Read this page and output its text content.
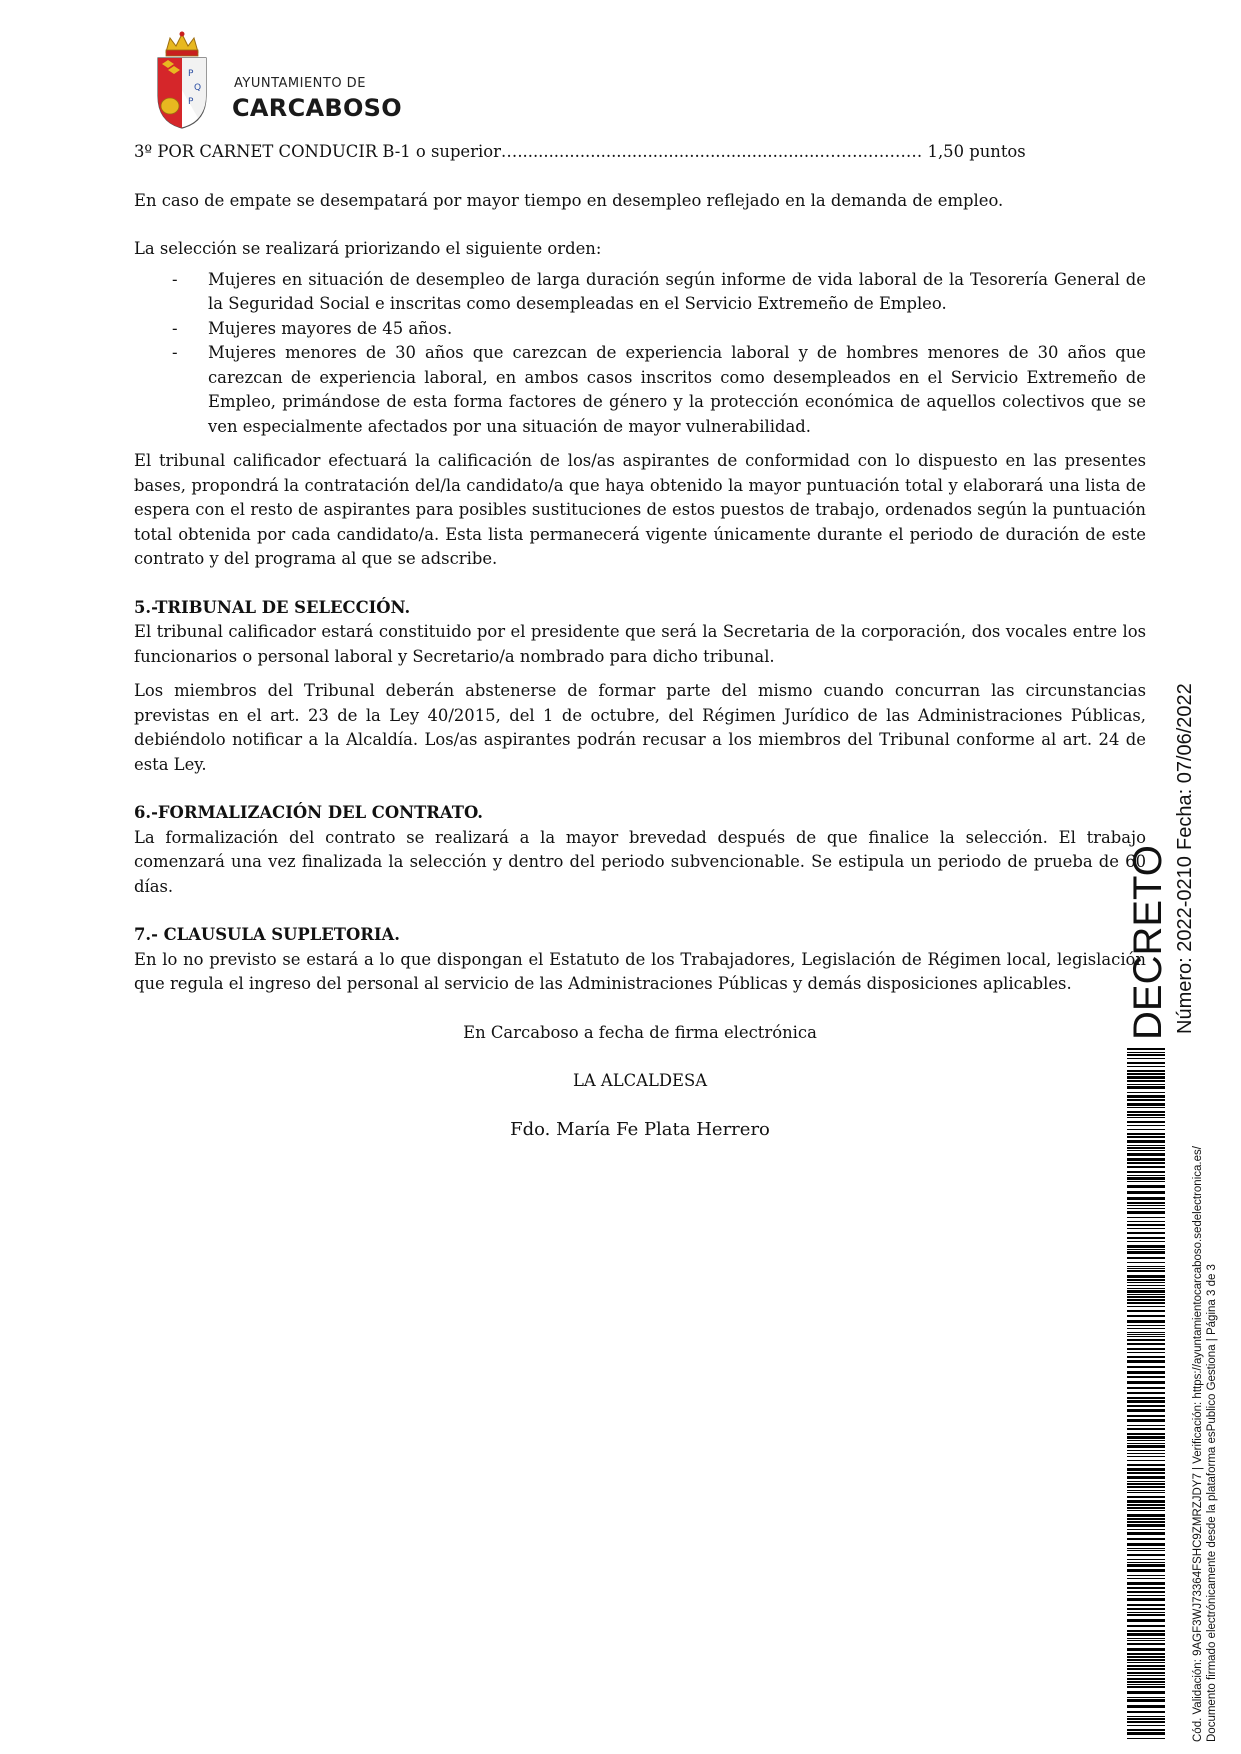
P
Q
P
AYUNTAMIENTO DE
CARCABOSO

3º POR CARNET CONDUCIR B-1 o superior…...........................................................……..….…… 1,50 puntos

En caso de empate se desempatará por mayor tiempo en desempleo reflejado en la demanda de empleo.

La selección se realizará priorizando el siguiente orden:

- Mujeres en situación de desempleo de larga duración según informe de vida laboral de la Tesorería General de la Seguridad Social e inscritas como desempleadas en el Servicio Extremeño de Empleo.
- Mujeres mayores de 45 años.
- Mujeres menores de 30 años que carezcan de experiencia laboral y de hombres menores de 30 años que carezcan de experiencia laboral, en ambos casos inscritos como desempleados en el Servicio Extremeño de Empleo, primándose de esta forma factores de género y la protección económica de aquellos colectivos que se ven especialmente afectados por una situación de mayor vulnerabilidad.

El tribunal calificador efectuará la calificación de los/as aspirantes de conformidad con lo dispuesto en las presentes bases, propondrá la contratación del/la candidato/a que haya obtenido la mayor puntuación total y elaborará una lista de espera con el resto de aspirantes para posibles sustituciones de estos puestos de trabajo, ordenados según la puntuación total obtenida por cada candidato/a. Esta lista permanecerá vigente únicamente durante el periodo de duración de este contrato y del programa al que se adscribe.

5.-TRIBUNAL DE SELECCIÓN.

El tribunal calificador estará constituido por el presidente que será la Secretaria de la corporación, dos vocales entre los funcionarios o personal laboral y Secretario/a nombrado para dicho tribunal.

Los miembros del Tribunal deberán abstenerse de formar parte del mismo cuando concurran las circunstancias previstas en el art. 23 de la Ley 40/2015, del 1 de octubre, del Régimen Jurídico de las Administraciones Públicas, debiéndolo notificar a la Alcaldía. Los/as aspirantes podrán recusar a los miembros del Tribunal conforme al art. 24 de esta Ley.

6.-FORMALIZACIÓN DEL CONTRATO.

La formalización del contrato se realizará a la mayor brevedad después de que finalice la selección. El trabajo comenzará una vez finalizada la selección y dentro del periodo subvencionable. Se estipula un periodo de prueba de 60 días.

7.- CLAUSULA SUPLETORIA.

En lo no previsto se estará a lo que dispongan el Estatuto de los Trabajadores, Legislación de Régimen local, legislación que regula el ingreso del personal al servicio de las Administraciones Públicas y demás disposiciones aplicables.

En Carcaboso a fecha de firma electrónica

LA ALCALDESA

Fdo. María Fe Plata Herrero

DECRETO Número: 2022-0210
Fecha: 07/06/2022
Cód. Validación: 9AGF3WJ73364FSHC9ZMRZJDY7 | Verificación: https://ayuntamientocarcaboso.sedelectronica.es/ Documento firmado electrónicamente desde la plataforma esPublico Gestiona | Página 3 de 3
